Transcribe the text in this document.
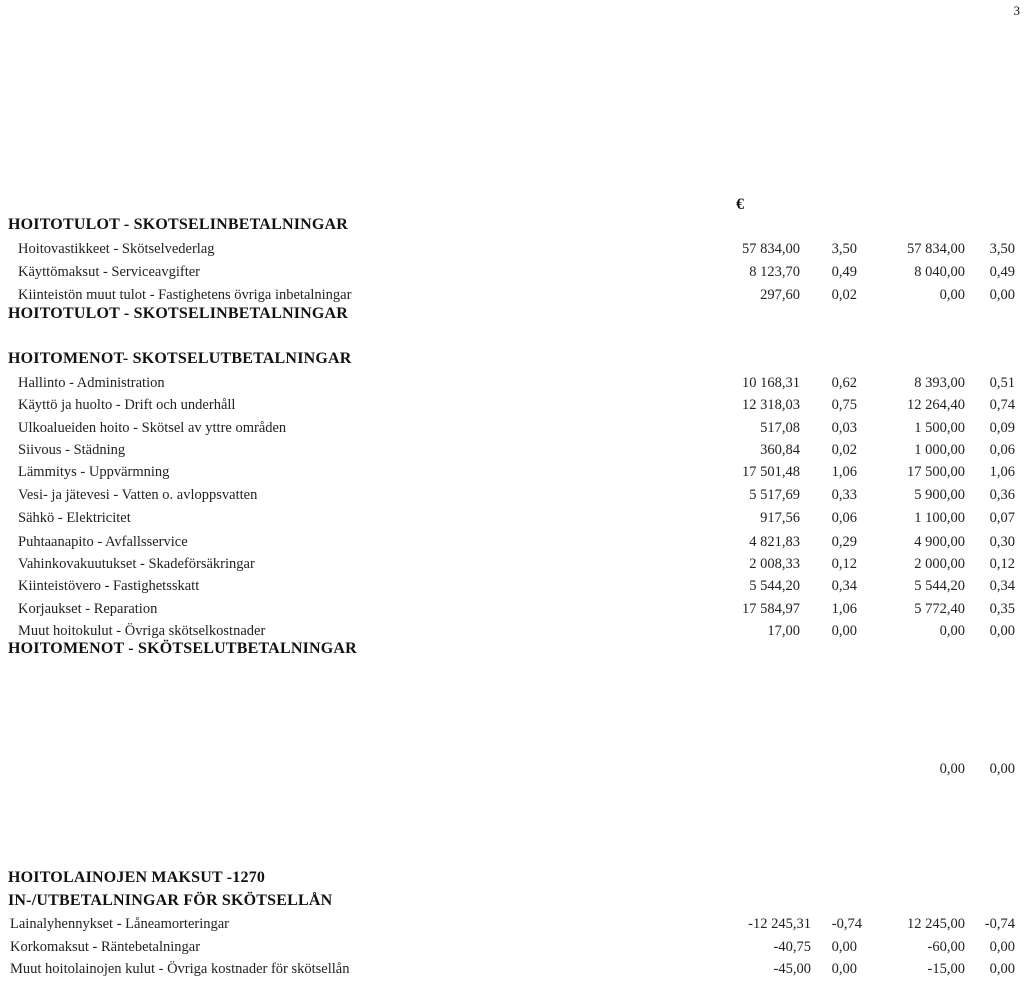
3
€
HOITOTULOT - SKOTSELINBETALNINGAR
Hoitovastikkeet - Skötselvederlag	57 834,00 3,50	57 834,00 3,50
Käyttömaksut - Serviceavgifter	8 123,70 0,49	8 040,00 0,49
Kiinteistön muut tulot - Fastighetens övriga inbetalningar	297,60 0,02	0,00 0,00
HOITOTULOT - SKOTSELINBETALNINGAR
HOITOMENOT- SKOTSELUTBETALNINGAR
Hallinto - Administration	10 168,31 0,62	8 393,00 0,51
Käyttö ja huolto - Drift och underhåll	12 318,03 0,75	12 264,40 0,74
Ulkoalueiden hoito - Skötsel av yttre områden	517,08 0,03	1 500,00 0,09
Siivous - Städning	360,84 0,02	1 000,00 0,06
Lämmitys - Uppvärmning	17 501,48 1,06	17 500,00 1,06
Vesi- ja jätevesi - Vatten o. avloppsvatten	5 517,69 0,33	5 900,00 0,36
Sähkö - Elektricitet	917,56 0,06	1 100,00 0,07
Puhtaanapito - Avfallsservice	4 821,83 0,29	4 900,00 0,30
Vahinkovakuutukset - Skadeförsäkringar	2 008,33 0,12	2 000,00 0,12
Kiinteistövero - Fastighetsskatt	5 544,20 0,34	5 544,20 0,34
Korjaukset - Reparation	17 584,97 1,06	5 772,40 0,35
Muut hoitokulut - Övriga skötselkostnader	17,00 0,00	0,00 0,00
HOITOMENOT - SKÖTSELUTBETALNINGAR
0,00 0,00
HOITOLAINOJEN MAKSUT -1270
IN-/UTBETALNINGAR FÖR SKÖTSELLÅN
Lainalyhennykset - Låneamorteringar	-12 245,31 -0,74	12 245,00 -0,74
Korkomaksut - Räntebetalningar	-40,75 0,00	-60,00 0,00
Muut hoitolainojen kulut - Övriga kostnader för skötsellån	-45,00 0,00	-15,00 0,00
